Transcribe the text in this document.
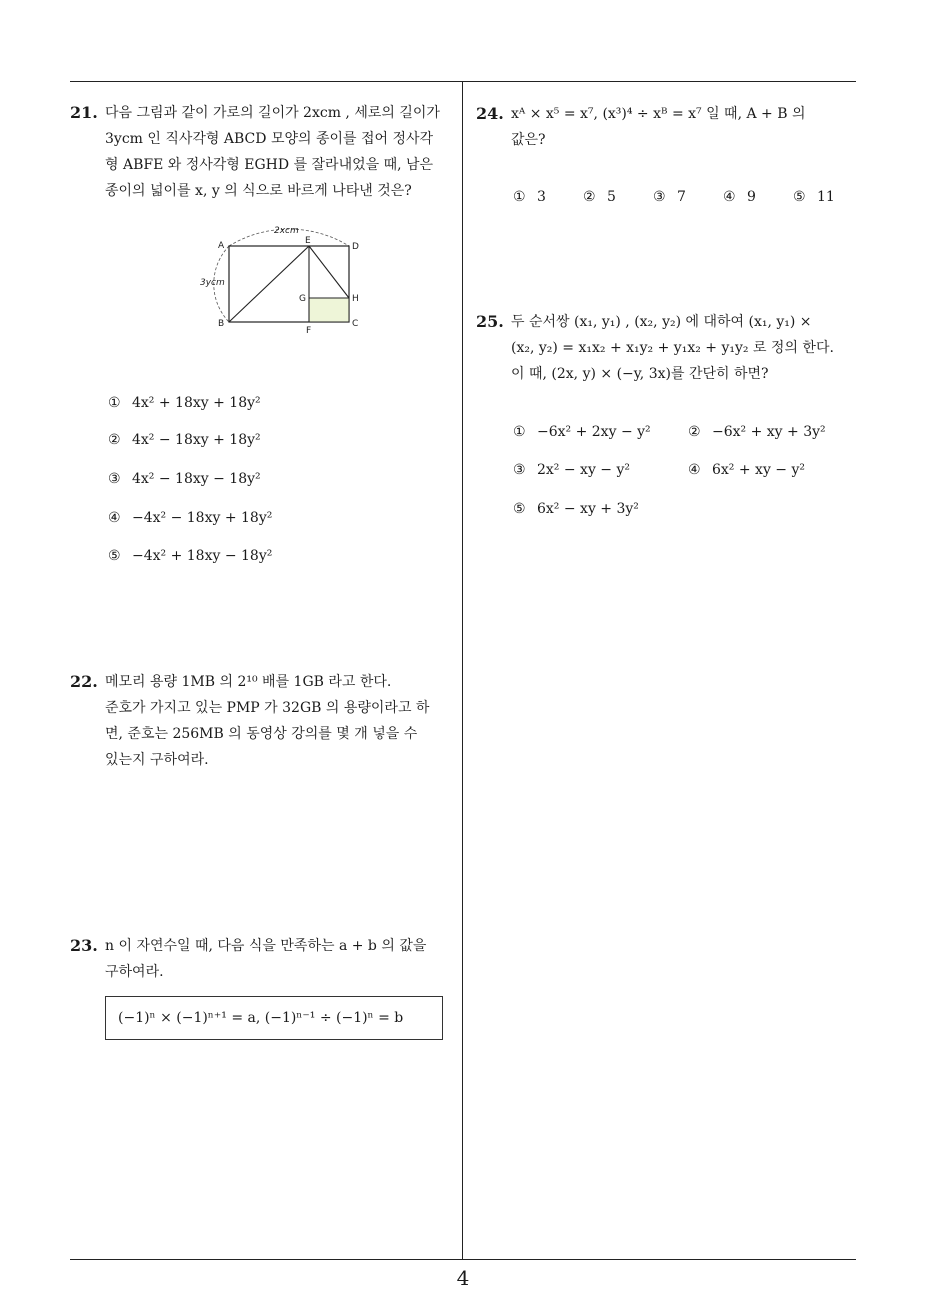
4
21. 다음 그림과 같이 가로의 길이가 2xcm , 세로의 길이가
3ycm 인 직사각형 ABCD 모양의 종이를 접어 정사각
형 ABFE 와 정사각형 EGHD 를 잘라내었을 때, 남은
종이의 넓이를 x, y 의 식으로 바르게 나타낸 것은?
A
B	C
D
E
F
G	H
2xcm
3ycm
① 4x² + 18xy + 18y²
② 4x² − 18xy + 18y²
③ 4x² − 18xy − 18y²
④ −4x² − 18xy + 18y²
⑤ −4x² + 18xy − 18y²
22. 메모리 용량 1MB 의 2¹⁰ 배를 1GB 라고 한다.
준호가 가지고 있는 PMP 가 32GB 의 용량이라고 하
면, 준호는 256MB 의 동영상 강의를 몇 개 넣을 수
있는지 구하여라.
23. n 이 자연수일 때, 다음 식을 만족하는 a + b 의 값을
구하여라.
(−1)ⁿ × (−1)ⁿ⁺¹ = a, (−1)ⁿ⁻¹ ÷ (−1)ⁿ = b
24. xᴬ × x⁵ = x⁷, (x³)⁴ ÷ xᴮ = x⁷ 일 때, A + B 의
값은?
① 3	② 5	③ 7	④ 9	⑤ 11
25. 두 순서쌍 (x₁, y₁) , (x₂, y₂) 에 대하여 (x₁, y₁) ×
(x₂, y₂) = x₁x₂ + x₁y₂ + y₁x₂ + y₁y₂ 로 정의 한다.
이 때, (2x, y) × (−y, 3x)를 간단히 하면?
① −6x² + 2xy − y²	② −6x² + xy + 3y²
③ 2x² − xy − y²	④ 6x² + xy − y²
⑤ 6x² − xy + 3y²
